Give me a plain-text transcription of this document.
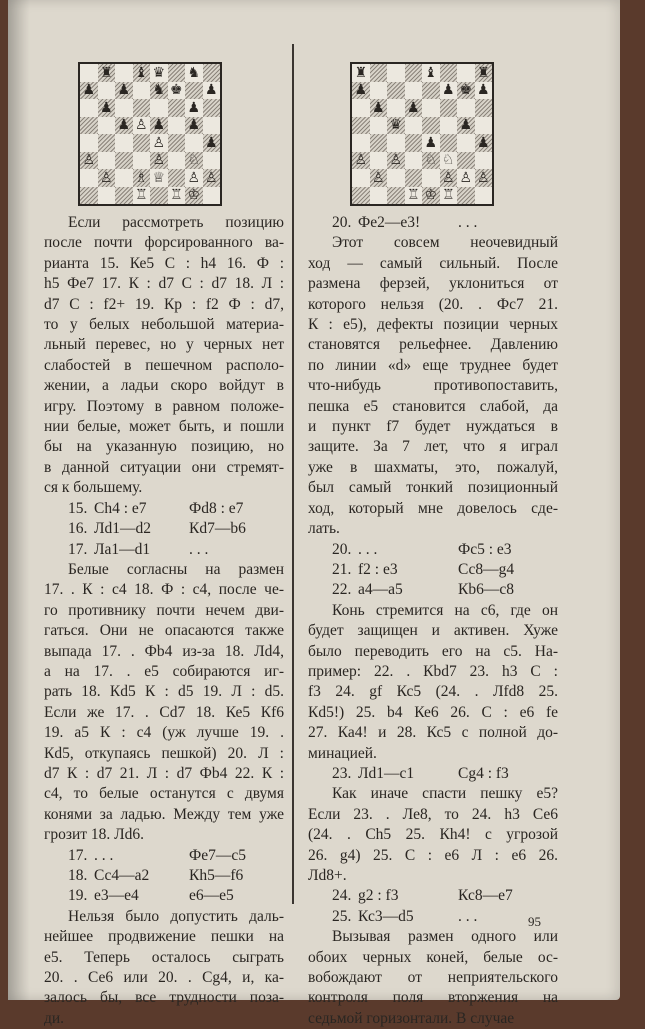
♜ ♝ ♛ ♞
♟ ♟ ♞ ♚ ♟
♟	♟
♟ ♙ ♟ ♟
♙	♟
♙	♙ ♘
♙ ♗ ♕ ♙ ♙
♖ ♖ ♔
♜	♝	♜
♟	♟ ♚ ♟
♟ ♟
♛	♟
♟	♟
♙ ♙ ♘ ♘
♙	♙ ♙ ♙
♖ ♔ ♖
Если рассмотреть позицию
после почти форсированного ва-
рианта 15. Ке5 С : h4 16. Ф :
h5 Фе7 17. К : d7 С : d7 18. Л :
d7 С : f2+ 19. Кр : f2 Ф : d7,
то у белых небольшой материа-
льный перевес, но у черных нет
слабостей в пешечном располо-
жении, а ладьи скоро войдут в
игру. Поэтому в равном положе-
нии белые, может быть, и пошли
бы на указанную позицию, но
в данной ситуации они стремят-
ся к большему.
15. Сh4 : е7	Фd8 : е7
16. Лd1—d2	Кd7—b6
17. Ла1—d1	. . .
Белые согласны на размен
17. . К : с4 18. Ф : с4, после че-
го противнику почти нечем дви-
гаться. Они не опасаются также
выпада 17. . Фb4 из-за 18. Лd4,
а на 17. . е5 собираются иг-
рать 18. Кd5 К : d5 19. Л : d5.
Если же 17. . Сd7 18. Ке5 Кf6
19. а5 К : с4 (уж лучше 19. .
Кd5, откупаясь пешкой) 20. Л :
d7 К : d7 21. Л : d7 Фb4 22. К :
с4, то белые останутся с двумя
конями за ладью. Между тем уже
грозит 18. Лd6.
17. . . .	Фе7—с5
18. Сс4—а2	Кh5—f6
19. е3—е4	е6—е5
Нельзя было допустить даль-
нейшее продвижение пешки на
е5. Теперь осталось сыграть
20. . Се6 или 20. . Сg4, и, ка-
залось бы, все трудности поза-
ди.
20. Фе2—е3!	. . .
Этот совсем неочевидный
ход — самый сильный. После
размена ферзей, уклониться от
которого нельзя (20. . Фс7 21.
К : е5), дефекты позиции черных
становятся рельефнее. Давлению
по линии «d» еще труднее будет
что-нибудь противопоставить,
пешка е5 становится слабой, да
и пункт f7 будет нуждаться в
защите. За 7 лет, что я играл
уже в шахматы, это, пожалуй,
был самый тонкий позиционный
ход, который мне довелось сде-
лать.
20. . . .	Фс5 : е3
21. f2 : е3	Сс8—g4
22. а4—а5	Кb6—с8
Конь стремится на с6, где он
будет защищен и активен. Хуже
было переводить его на с5. На-
пример: 22. . Кbd7 23. h3 С :
f3 24. gf Кс5 (24. . Лfd8 25.
Кd5!) 25. b4 Ке6 26. С : е6 fe
27. Ка4! и 28. Кс5 с полной до-
минацией.
23. Лd1—с1	Сg4 : f3
Как иначе спасти пешку е5?
Если 23. . Ле8, то 24. h3 Се6
(24. . Сh5 25. Кh4! с угрозой
26. g4) 25. С : е6 Л : е6 26.
Лd8+.
24. g2 : f3	Кс8—е7
25. Кс3—d5	. . .
Вызывая размен одного или
обоих черных коней, белые ос-
вобождают от неприятельского
контроля поля вторжения на
седьмой горизонтали. В случае
95
